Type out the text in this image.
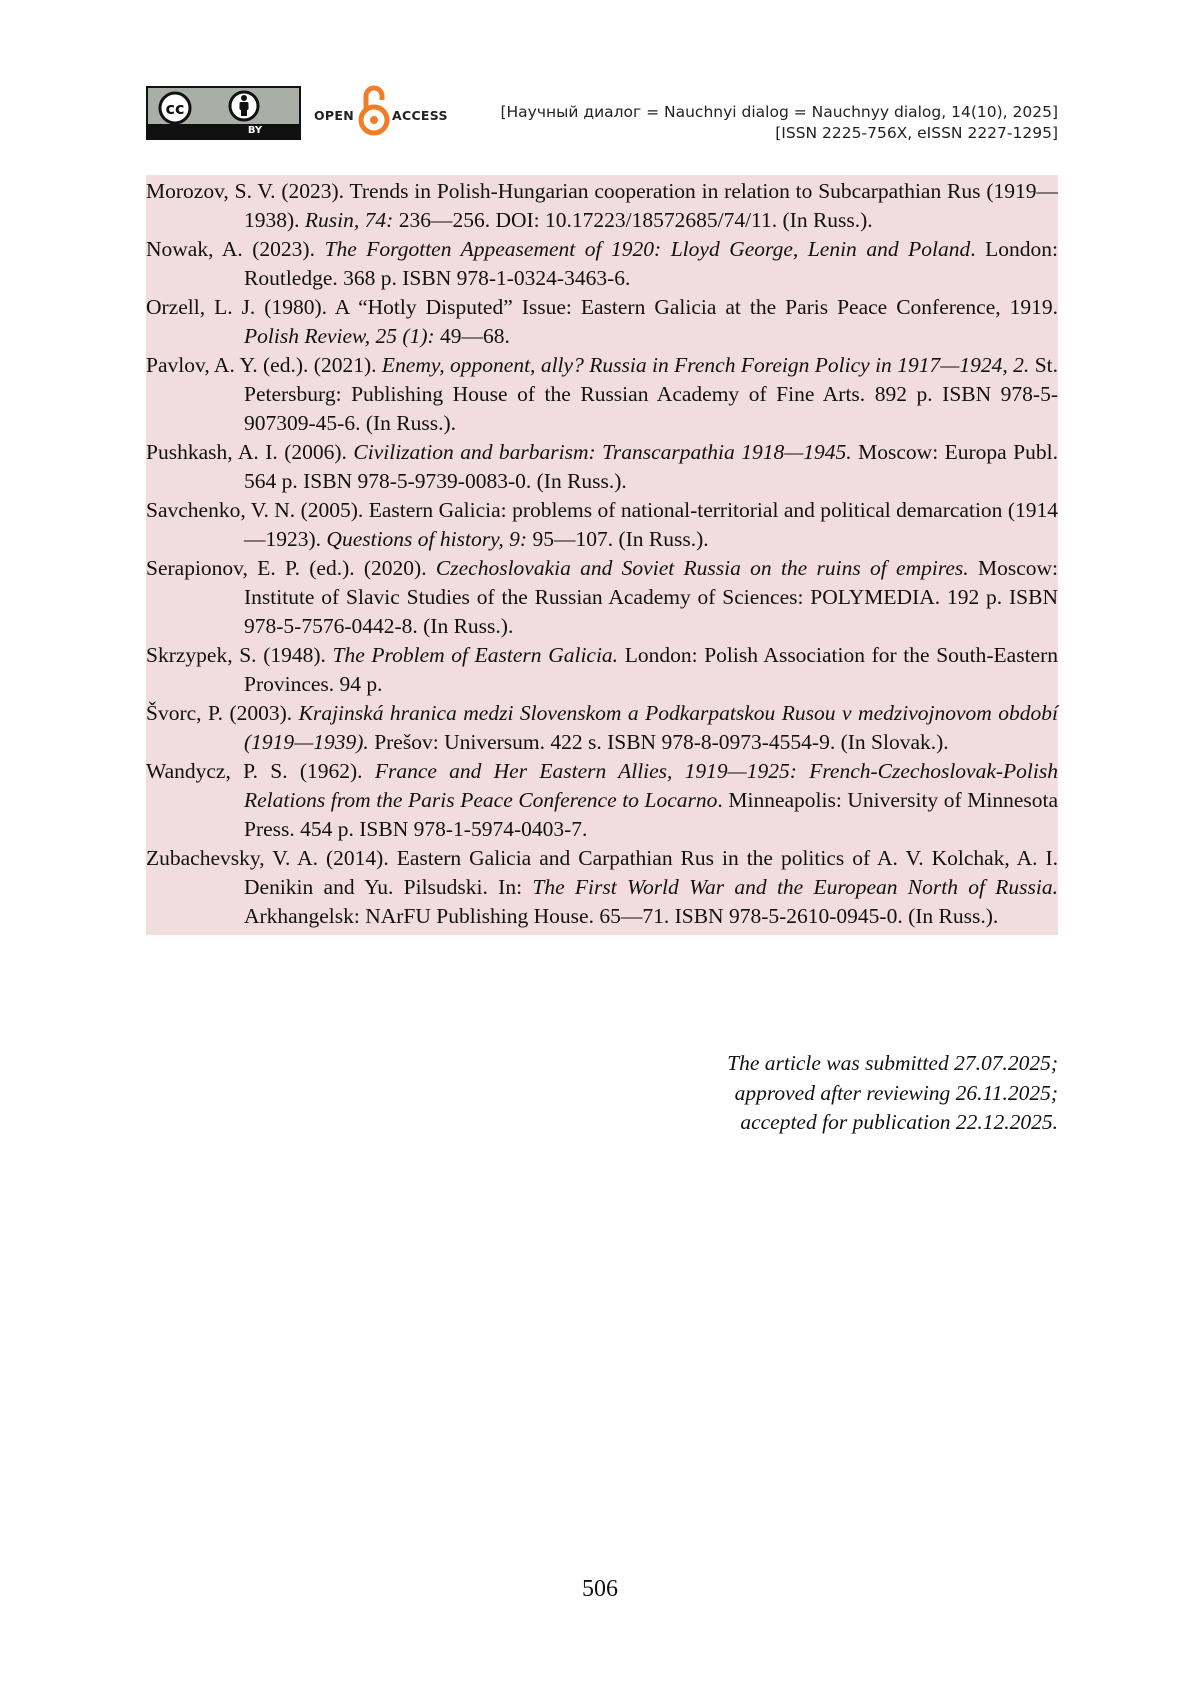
cc
BY
OPEN	ACCESS	[Научный диалог = Nauchnyi dialog = Nauchnyy dialog, 14(10), 2025]
[ISSN 2225-756X, eISSN 2227-1295]
Morozov, S. V. (2023). Trends in Polish-Hungarian cooperation in relation to Subcarpathian Rus (1919—1938). Rusin, 74: 236—256. DOI: 10.17223/18572685/74/11. (In Russ.).
Nowak, A. (2023). The Forgotten Appeasement of 1920: Lloyd George, Lenin and Poland. London: Routledge. 368 p. ISBN 978-1-0324-3463-6.
Orzell, L. J. (1980). A “Hotly Disputed” Issue: Eastern Galicia at the Paris Peace Conference, 1919. Polish Review, 25 (1): 49—68.
Pavlov, A. Y. (ed.). (2021). Enemy, opponent, ally? Russia in French Foreign Policy in 1917—1924, 2. St. Petersburg: Publishing House of the Russian Academy of Fine Arts. 892 p. ISBN 978-5-907309-45-6. (In Russ.).
Pushkash, A. I. (2006). Civilization and barbarism: Transcarpathia 1918—1945. Moscow: Europa Publ. 564 p. ISBN 978-5-9739-0083-0. (In Russ.).
Savchenko, V. N. (2005). Eastern Galicia: problems of national-territorial and political demarcation (1914—1923). Questions of history, 9: 95—107. (In Russ.).
Serapionov, E. P. (ed.). (2020). Czechoslovakia and Soviet Russia on the ruins of empires. Moscow: Institute of Slavic Studies of the Russian Academy of Sciences: POLYMEDIA. 192 p. ISBN 978-5-7576-0442-8. (In Russ.).
Skrzypek, S. (1948). The Problem of Eastern Galicia. London: Polish Association for the South-Eastern Provinces. 94 p.
Švorc, P. (2003). Krajinská hranica medzi Slovenskom a Podkarpatskou Rusou v medzivojnovom období (1919—1939). Prešov: Universum. 422 s. ISBN 978-8-0973-4554-9. (In Slovak.).
Wandycz, P. S. (1962). France and Her Eastern Allies, 1919—1925: French-Czechoslovak-Polish Relations from the Paris Peace Conference to Locarno. Minneapolis: University of Minnesota Press. 454 p. ISBN 978-1-5974-0403-7.
Zubachevsky, V. A. (2014). Eastern Galicia and Carpathian Rus in the politics of A. V. Kolchak, A. I. Denikin and Yu. Pilsudski. In: The First World War and the European North of Russia. Arkhangelsk: NArFU Publishing House. 65—71. ISBN 978-5-2610-0945-0. (In Russ.).
The article was submitted 27.07.2025;
approved after reviewing 26.11.2025;
accepted for publication 22.12.2025.
506
